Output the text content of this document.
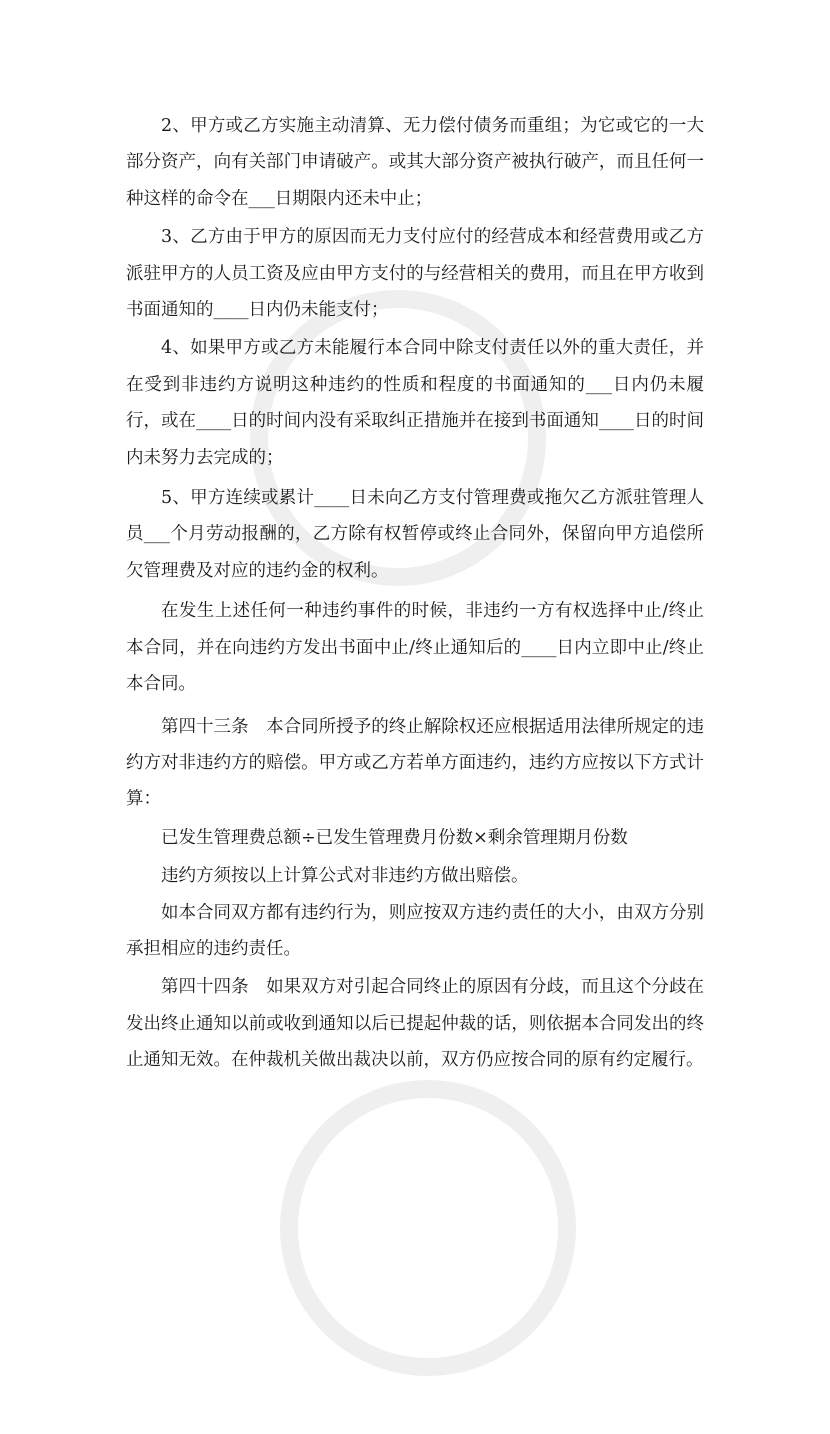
2、甲方或乙方实施主动清算、无力偿付债务而重组；为它或它的一大部分资产，向有关部门申请破产。或其大部分资产被执行破产，而且任何一种这样的命令在___日期限内还未中止；

3、乙方由于甲方的原因而无力支付应付的经营成本和经营费用或乙方派驻甲方的人员工资及应由甲方支付的与经营相关的费用，而且在甲方收到书面通知的____日内仍未能支付；

4、如果甲方或乙方未能履行本合同中除支付责任以外的重大责任，并在受到非违约方说明这种违约的性质和程度的书面通知的___日内仍未履行，或在____日的时间内没有采取纠正措施并在接到书面通知____日的时间内未努力去完成的；

5、甲方连续或累计____日未向乙方支付管理费或拖欠乙方派驻管理人员___个月劳动报酬的，乙方除有权暂停或终止合同外，保留向甲方追偿所欠管理费及对应的违约金的权利。

在发生上述任何一种违约事件的时候，非违约一方有权选择中止/终止本合同，并在向违约方发出书面中止/终止通知后的____日内立即中止/终止本合同。

第四十三条　本合同所授予的终止解除权还应根据适用法律所规定的违约方对非违约方的赔偿。甲方或乙方若单方面违约，违约方应按以下方式计算：

已发生管理费总额÷已发生管理费月份数×剩余管理期月份数

违约方须按以上计算公式对非违约方做出赔偿。

如本合同双方都有违约行为，则应按双方违约责任的大小，由双方分别承担相应的违约责任。

第四十四条　如果双方对引起合同终止的原因有分歧，而且这个分歧在发出终止通知以前或收到通知以后已提起仲裁的话，则依据本合同发出的终止通知无效。在仲裁机关做出裁决以前，双方仍应按合同的原有约定履行。
